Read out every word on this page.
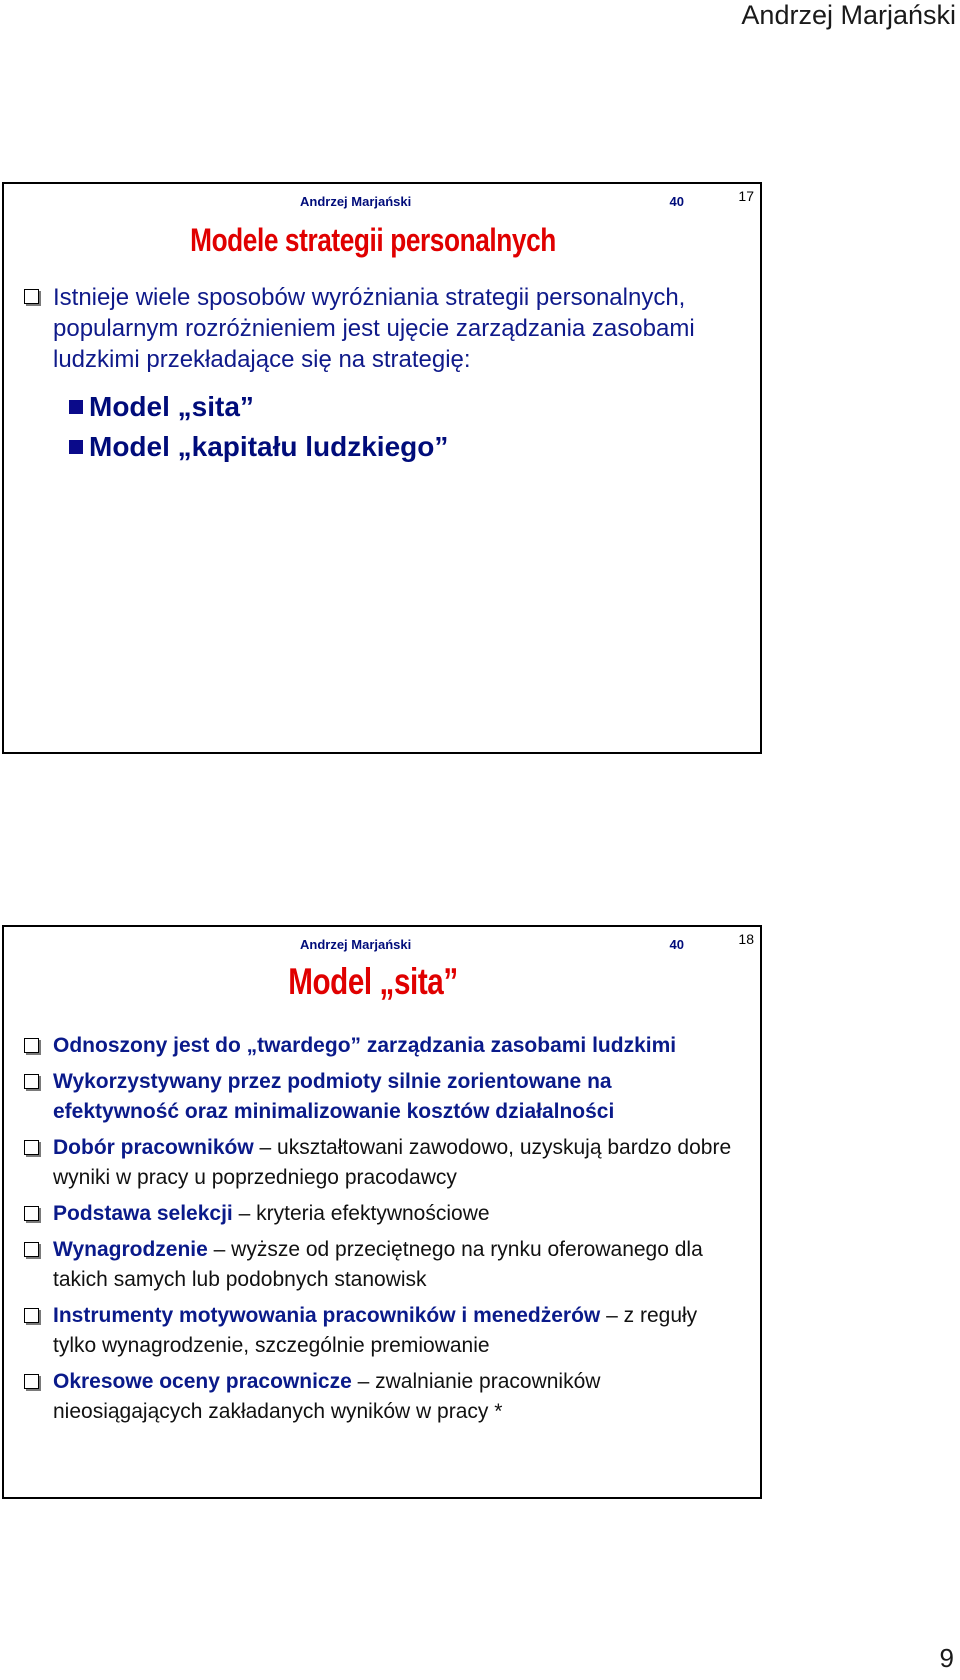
Andrzej Marjański
17
Andrzej Marjański	40
Modele strategii personalnych
Istnieje wiele sposobów wyróżniania strategii personalnych, popularnym rozróżnieniem jest ujęcie zarządzania zasobami ludzkimi przekładające się na strategię:
Model „sita”
Model „kapitału ludzkiego”
18
Andrzej Marjański	40
Model „sita”
Odnoszony jest do „twardego” zarządzania zasobami ludzkimi
Wykorzystywany przez podmioty silnie zorientowane na efektywność oraz minimalizowanie kosztów działalności
Dobór pracowników – ukształtowani zawodowo, uzyskują bardzo dobre wyniki w pracy u poprzedniego pracodawcy
Podstawa selekcji – kryteria efektywnościowe
Wynagrodzenie – wyższe od przeciętnego na rynku oferowanego dla takich samych lub podobnych stanowisk
Instrumenty motywowania pracowników i menedżerów – z reguły tylko wynagrodzenie, szczególnie premiowanie
Okresowe oceny pracownicze – zwalnianie pracowników nieosiągających zakładanych wyników w pracy *
9
